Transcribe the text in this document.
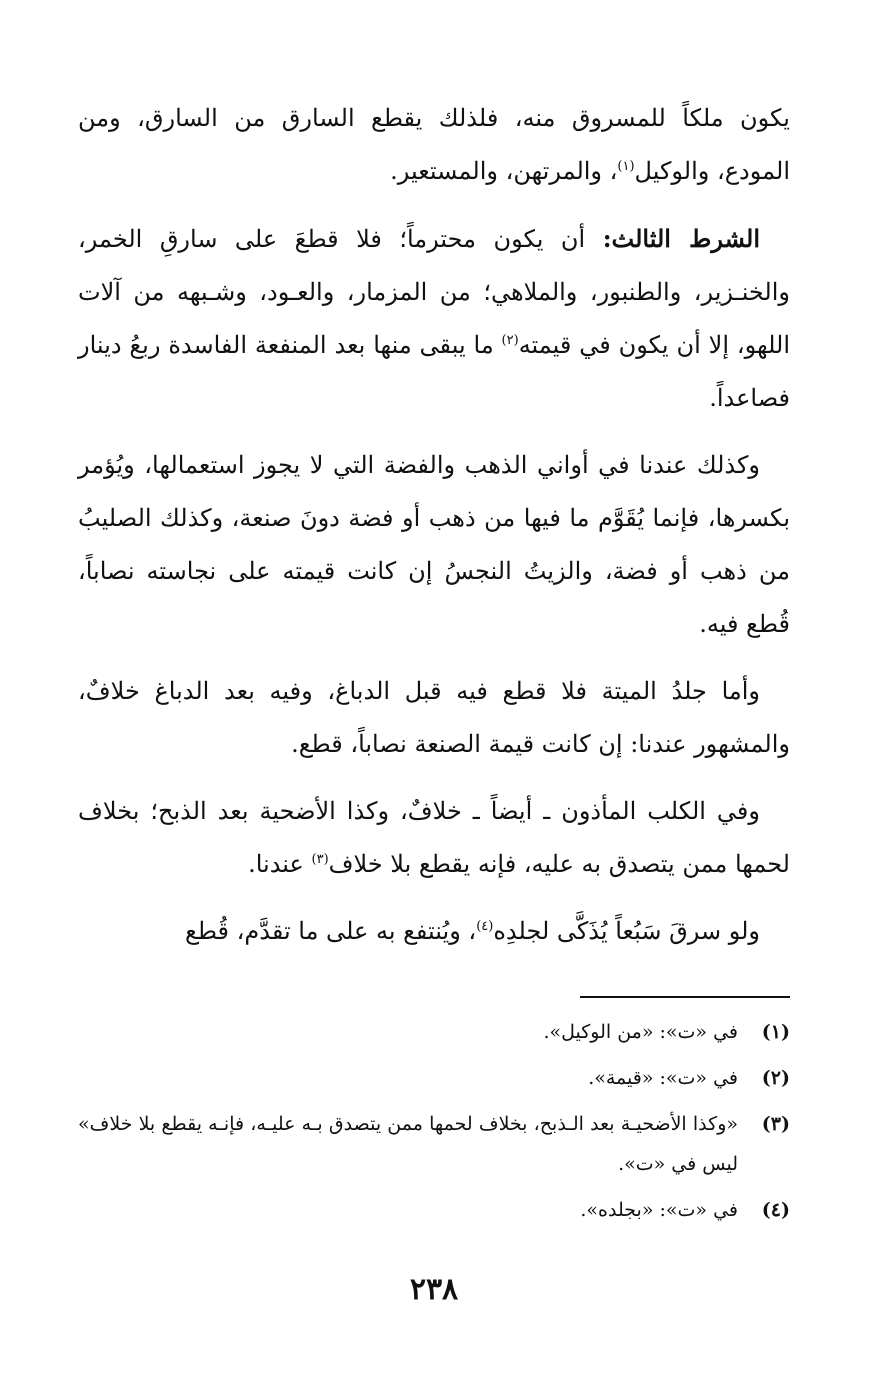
يكون ملكاً للمسروق منه، فلذلك يقطع السارق من السارق، ومن المودع، والوكيل$^{(١)}$، والمرتهن، والمستعير.

الشرط الثالث: أن يكون محترماً؛ فلا قطعَ على سارقِ الخمر، والخنـزير، والطنبور، والملاهي؛ من المزمار، والعـود، وشـبهه من آلات اللهو، إلا أن يكون في قيمته$^{(٢)}$ ما يبقى منها بعد المنفعة الفاسدة ربعُ دينار فصاعداً.

وكذلك عندنا في أواني الذهب والفضة التي لا يجوز استعمالها، ويُؤمر بكسرها، فإنما يُقَوَّم ما فيها من ذهب أو فضة دونَ صنعة، وكذلك الصليبُ من ذهب أو فضة، والزيتُ النجسُ إن كانت قيمته على نجاسته نصاباً، قُطع فيه.

وأما جلدُ الميتة فلا قطع فيه قبل الدباغ، وفيه بعد الدباغ خلافٌ، والمشهور عندنا: إن كانت قيمة الصنعة نصاباً، قطع.

وفي الكلب المأذون ـ أيضاً ـ خلافٌ، وكذا الأضحية بعد الذبح؛ بخلاف لحمها ممن يتصدق به عليه، فإنه يقطع بلا خلاف$^{(٣)}$ عندنا.

ولو سرقَ سَبُعاً يُذَكَّى لجلدِه$^{(٤)}$، ويُنتفع به على ما تقدَّم، قُطع

(١)
في «ت»: «من الوكيل».
(٢)
في «ت»: «قيمة».
(٣)
«وكذا الأضحيـة بعد الـذبح، بخلاف لحمها ممن يتصدق بـه عليـه، فإنـه يقطع بلا خلاف» ليس في «ت».
(٤)
في «ت»: «بجلده».
٢٣٨
